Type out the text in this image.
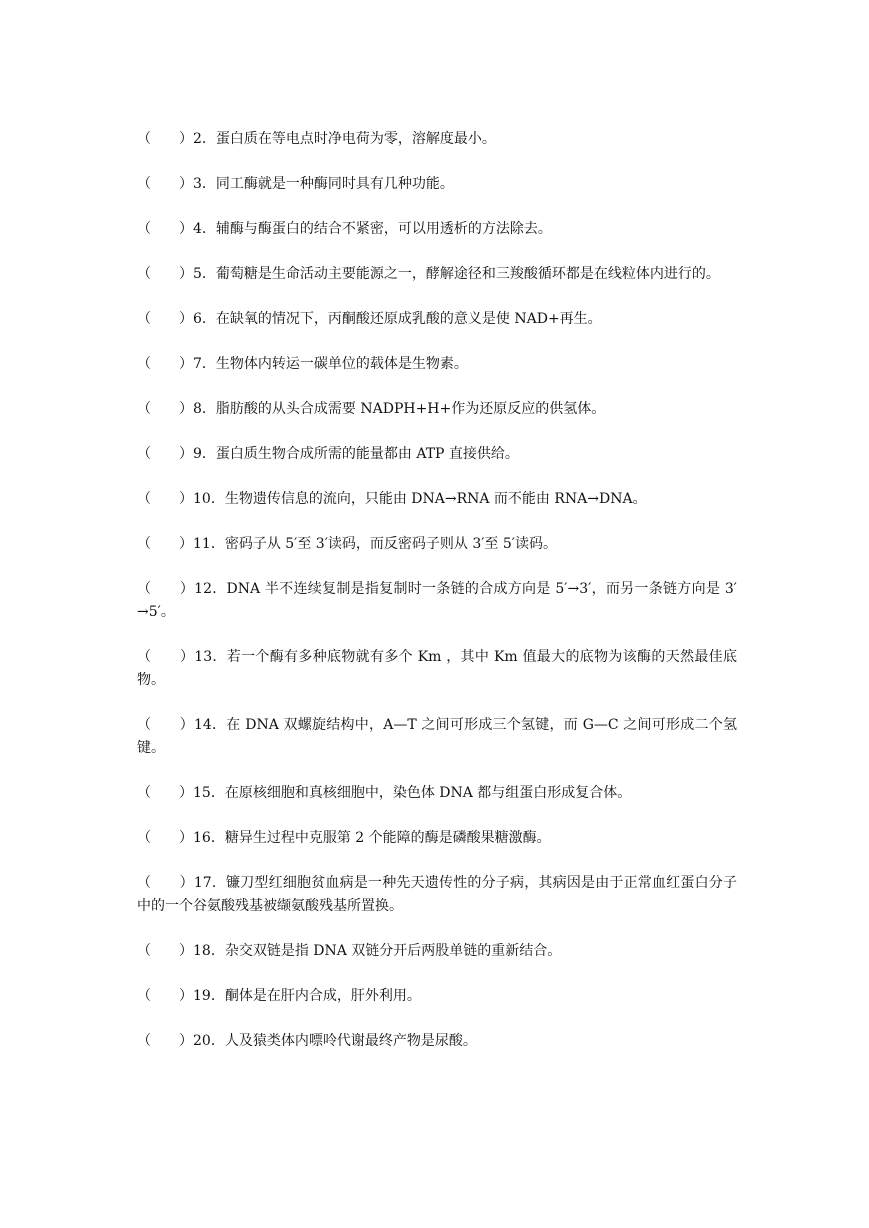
（　　）2．蛋白质在等电点时净电荷为零，溶解度最小。
（　　）3．同工酶就是一种酶同时具有几种功能。
（　　）4．辅酶与酶蛋白的结合不紧密，可以用透析的方法除去。
（　　）5．葡萄糖是生命活动主要能源之一，酵解途径和三羧酸循环都是在线粒体内进行的。
（　　）6．在缺氧的情况下，丙酮酸还原成乳酸的意义是使 NAD+再生。
（　　）7．生物体内转运一碳单位的载体是生物素。
（　　）8．脂肪酸的从头合成需要 NADPH+H+作为还原反应的供氢体。
（　　）9．蛋白质生物合成所需的能量都由 ATP 直接供给。
（　　）10．生物遗传信息的流向，只能由 DNA→RNA 而不能由 RNA→DNA。
（　　）11．密码子从 5′至 3′读码，而反密码子则从 3′至 5′读码。
（　　）12．DNA 半不连续复制是指复制时一条链的合成方向是 5′→3′，而另一条链方向是 3′→5′。
（　　）13．若一个酶有多种底物就有多个 Km ，其中 Km 值最大的底物为该酶的天然最佳底物。
（　　）14．在 DNA 双螺旋结构中，A—T 之间可形成三个氢键，而 G—C 之间可形成二个氢键。
（　　）15．在原核细胞和真核细胞中，染色体 DNA 都与组蛋白形成复合体。
（　　）16．糖异生过程中克服第 2 个能障的酶是磷酸果糖激酶。
（　　）17．镰刀型红细胞贫血病是一种先天遗传性的分子病，其病因是由于正常血红蛋白分子中的一个谷氨酸残基被缬氨酸残基所置换。
（　　）18．杂交双链是指 DNA 双链分开后两股单链的重新结合。
（　　）19．酮体是在肝内合成，肝外利用。
（　　）20．人及猿类体内嘌呤代谢最终产物是尿酸。
